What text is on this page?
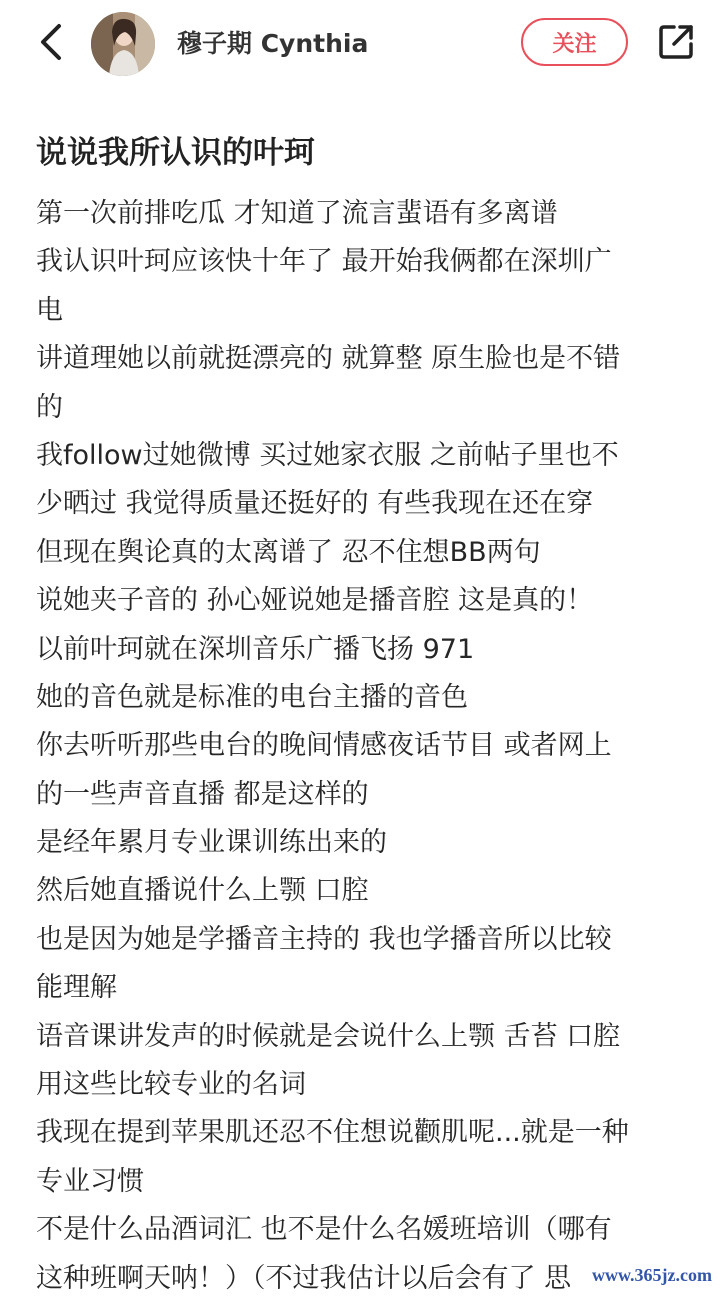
穆子期 Cynthia	关注
说说我所认识的叶珂
第一次前排吃瓜 才知道了流言蜚语有多离谱
我认识叶珂应该快十年了 最开始我俩都在深圳广
电
讲道理她以前就挺漂亮的 就算整 原生脸也是不错
的
我follow过她微博 买过她家衣服 之前帖子里也不
少晒过 我觉得质量还挺好的 有些我现在还在穿
但现在舆论真的太离谱了 忍不住想BB两句
说她夹子音的 孙心娅说她是播音腔 这是真的！
以前叶珂就在深圳音乐广播飞扬 971
她的音色就是标准的电台主播的音色
你去听听那些电台的晚间情感夜话节目 或者网上
的一些声音直播 都是这样的
是经年累月专业课训练出来的
然后她直播说什么上颚 口腔
也是因为她是学播音主持的 我也学播音所以比较
能理解
语音课讲发声的时候就是会说什么上颚 舌苔 口腔
用这些比较专业的名词
我现在提到苹果肌还忍不住想说颧肌呢...就是一种
专业习惯
不是什么品酒词汇 也不是什么名媛班培训（哪有
这种班啊天呐！）（不过我估计以后会有了 思	www.365jz.com
